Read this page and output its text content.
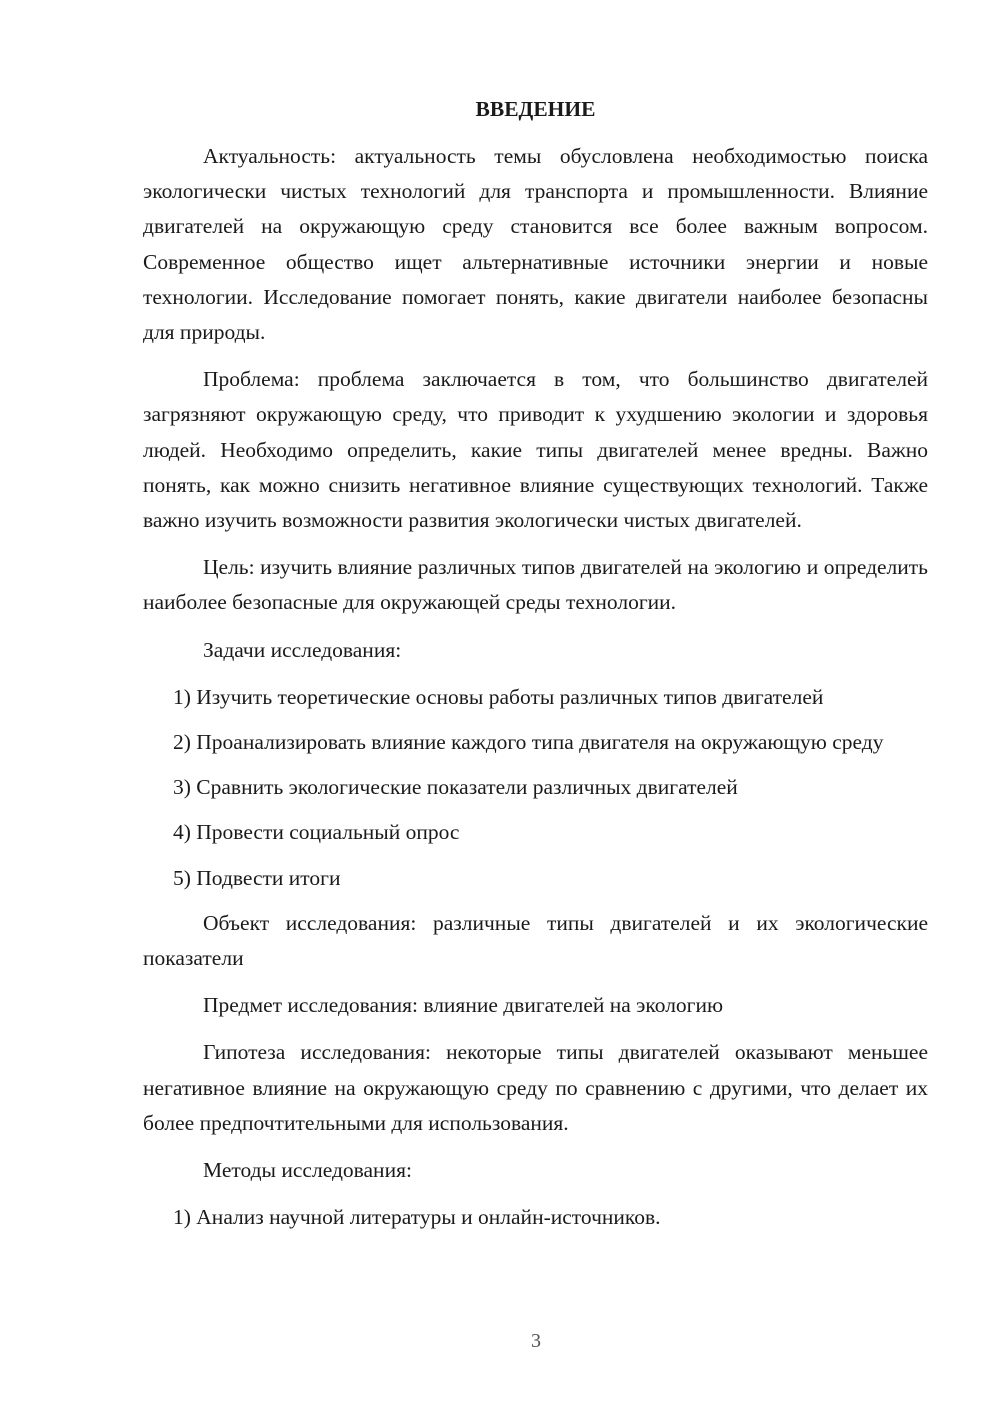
ВВЕДЕНИЕ

Актуальность: актуальность темы обусловлена необходимостью поиска экологически чистых технологий для транспорта и промышленности. Влияние двигателей на окружающую среду становится все более важным вопросом. Современное общество ищет альтернативные источники энергии и новые технологии. Исследование помогает понять, какие двигатели наиболее безопасны для природы.

Проблема: проблема заключается в том, что большинство двигателей загрязняют окружающую среду, что приводит к ухудшению экологии и здоровья людей. Необходимо определить, какие типы двигателей менее вредны. Важно понять, как можно снизить негативное влияние существующих технологий. Также важно изучить возможности развития экологически чистых двигателей.

Цель: изучить влияние различных типов двигателей на экологию и определить наиболее безопасные для окружающей среды технологии.

Задачи исследования:

1) Изучить теоретические основы работы различных типов двигателей

2) Проанализировать влияние каждого типа двигателя на окружающую среду

3) Сравнить экологические показатели различных двигателей

4) Провести социальный опрос

5) Подвести итоги

Объект исследования: различные типы двигателей и их экологические показатели

Предмет исследования: влияние двигателей на экологию

Гипотеза исследования: некоторые типы двигателей оказывают меньшее негативное влияние на окружающую среду по сравнению с другими, что делает их более предпочтительными для использования.

Методы исследования:

1) Анализ научной литературы и онлайн-источников.

3
